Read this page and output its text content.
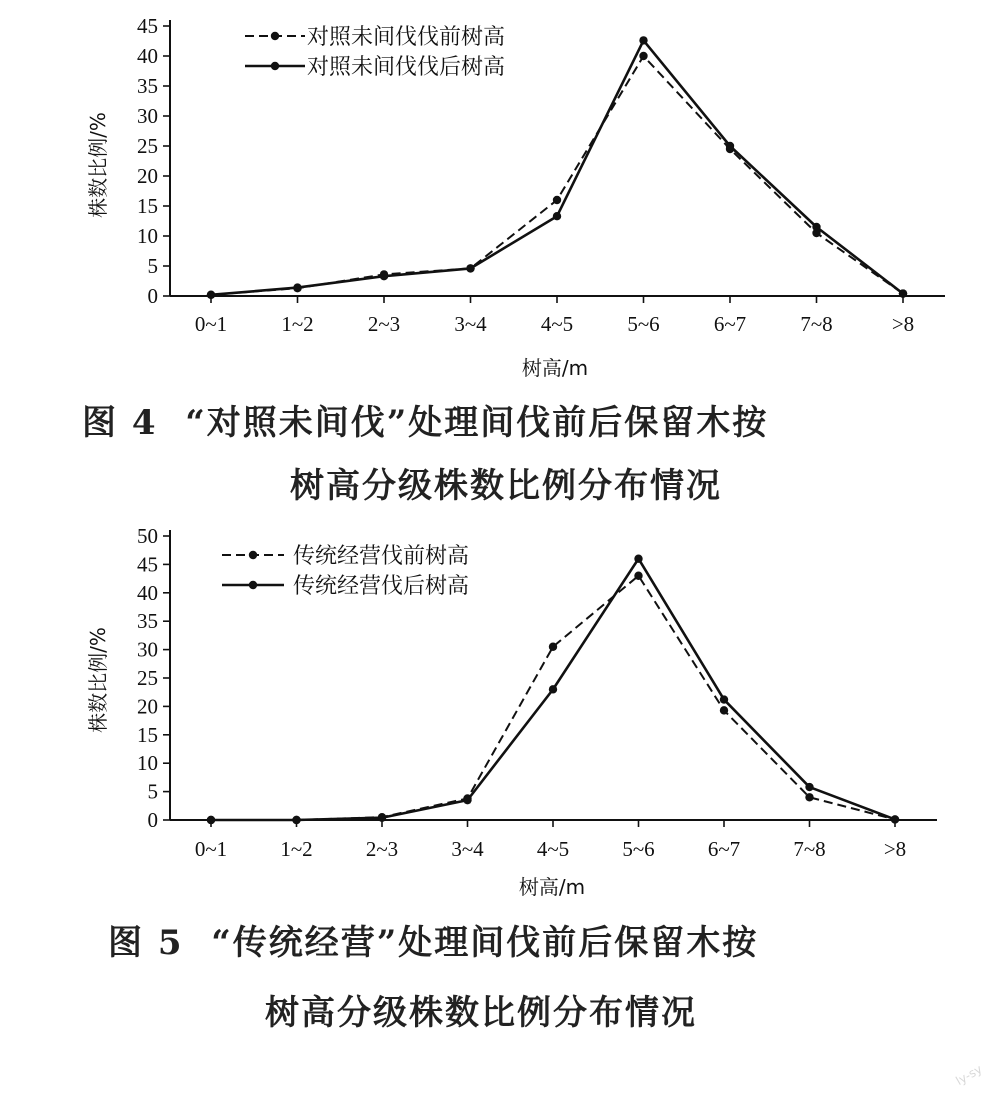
0
5
10
15
20
25
30
35
40
45
0~1	1~2	2~3	3~4	4~5	5~6	6~7	7~8	>8
株数比例/%
树高/m
对照未间伐伐前树高
对照未间伐伐后树高
0
5
10
15
20
25
30
35
40
45
50
0~1	1~2	2~3	3~4	4~5	5~6	6~7	7~8	>8
株数比例/%
树高/m
传统经营伐前树高
传统经营伐后树高
图 4 “对照未间伐”处理间伐前后保留木按
树高分级株数比例分布情况
图 5 “传统经营”处理间伐前后保留木按
树高分级株数比例分布情况
ly-sy
